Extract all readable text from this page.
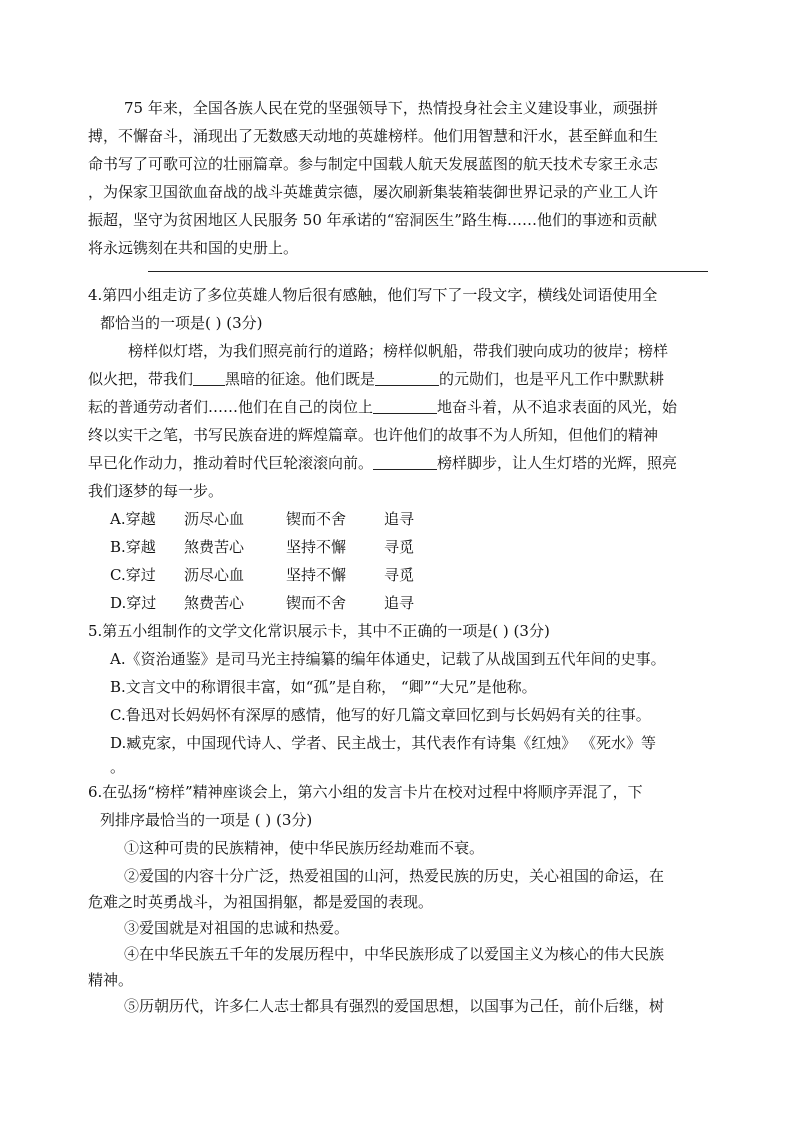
75 年来，全国各族人民在党的坚强领导下，热情投身社会主义建设事业，顽强拼

搏，不懈奋斗，涌现出了无数感天动地的英雄榜样。他们用智慧和汗水，甚至鲜血和生

命书写了可歌可泣的壮丽篇章。参与制定中国载人航天发展蓝图的航天技术专家王永志

，为保家卫国欲血奋战的战斗英雄黄宗德，屡次刷新集装箱装御世界记录的产业工人许

振超，坚守为贫困地区人民服务 50 年承诺的“窑洞医生”路生梅……他们的事迹和贡献

将永远镌刻在共和国的史册上。

4.第四小组走访了多位英雄人物后很有感触，他们写下了一段文字，横线处词语使用全

都恰当的一项是( ) (3分)

榜样似灯塔，为我们照亮前行的道路；榜样似帆船，带我们驶向成功的彼岸；榜样

似火把，带我们 黑暗的征途。他们既是	的元勋们，也是平凡工作中默默耕

耘的普通劳动者们……他们在自己的岗位上	地奋斗着，从不追求表面的风光，始

终以实干之笔，书写民族奋进的辉煌篇章。也许他们的故事不为人所知，但他们的精神

早已化作动力，推动着时代巨轮滚滚向前。	榜样脚步，让人生灯塔的光辉，照亮

我们逐梦的每一步。

A.穿越 沥尽心血	锲而不舍	追寻
B.穿越 煞费苦心	坚持不懈	寻觅
C.穿过 沥尽心血	坚持不懈	寻觅
D.穿过 煞费苦心	锲而不舍	追寻

5.第五小组制作的文学文化常识展示卡，其中不正确的一项是( ) (3分)

A.《资治通鉴》是司马光主持编纂的编年体通史，记载了从战国到五代年间的史事。

B.文言文中的称谓很丰富，如“孤”是自称， “卿”“大兄”是他称。

C.鲁迅对长妈妈怀有深厚的感情，他写的好几篇文章回忆到与长妈妈有关的往事。

D.臧克家，中国现代诗人、学者、民主战士，其代表作有诗集《红烛》 《死水》等

。

6.在弘扬“榜样”精神座谈会上，第六小组的发言卡片在校对过程中将顺序弄混了，下

列排序最恰当的一项是 ( ) (3分)

①这种可贵的民族精神，使中华民族历经劫难而不衰。

②爱国的内容十分广泛，热爱祖国的山河，热爱民族的历史，关心祖国的命运，在

危难之时英勇战斗，为祖国捐躯，都是爱国的表现。

③爱国就是对祖国的忠诚和热爱。

④在中华民族五千年的发展历程中，中华民族形成了以爱国主义为核心的伟大民族

精神。

⑤历朝历代，许多仁人志士都具有强烈的爱国思想，以国事为己任，前仆后继，树
